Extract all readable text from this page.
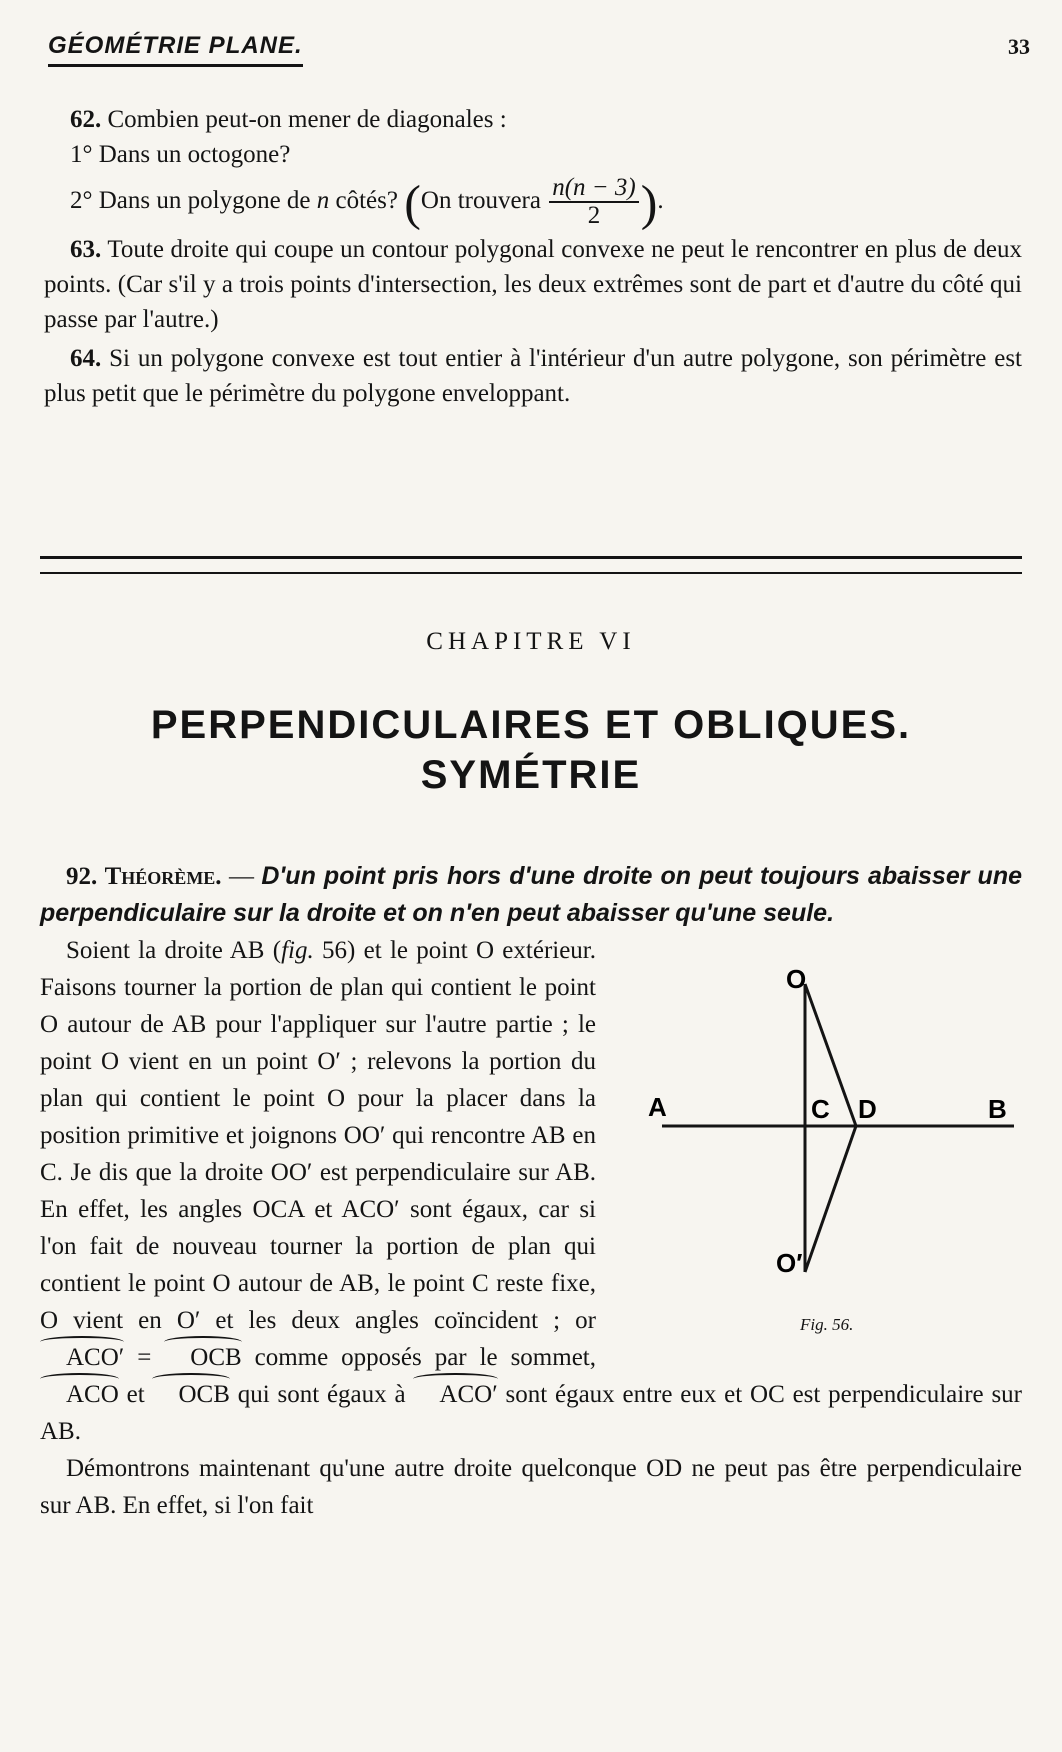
GÉOMÉTRIE PLANE.	33

62. Combien peut-on mener de diagonales :

1° Dans un octogone?

2° Dans un polygone de n côtés? (On trouvera $\frac{n(n - 3)}{2}$ ).

63. Toute droite qui coupe un contour polygonal convexe ne peut le rencontrer en plus de deux points. (Car s'il y a trois points d'intersection, les deux extrêmes sont de part et d'autre du côté qui passe par l'autre.)

64. Si un polygone convexe est tout entier à l'intérieur d'un autre polygone, son périmètre est plus petit que le périmètre du polygone enveloppant.

CHAPITRE VI
PERPENDICULAIRES ET OBLIQUES.
SYMÉTRIE

92. Théorème. — D'un point pris hors d'une droite on peut toujours abaisser une perpendiculaire sur la droite et on n'en peut abaisser qu'une seule.

O
A	C D	B
O′
Fig. 56.

Soient la droite AB (fig. 56) et le point O extérieur. Faisons tourner la portion de plan qui contient le point O autour de AB pour l'appliquer sur l'autre partie ; le point O vient en un point O′ ; relevons la portion du plan qui contient le point O pour la placer dans la position primitive et joignons OO′ qui rencontre AB en C. Je dis que la droite OO′ est perpendiculaire sur AB. En effet, les angles OCA et ACO′ sont égaux, car si l'on fait de nouveau tourner la portion de plan qui contient le point O autour de AB, le point C reste fixe, O vient en O′ et les deux angles coïncident ; or ACO′ = OCB comme opposés par le sommet, ACO et OCB qui sont égaux à ACO′ sont égaux entre eux et OC est perpendiculaire sur AB.

Démontrons maintenant qu'une autre droite quelconque OD ne peut pas être perpendiculaire sur AB. En effet, si l'on fait
